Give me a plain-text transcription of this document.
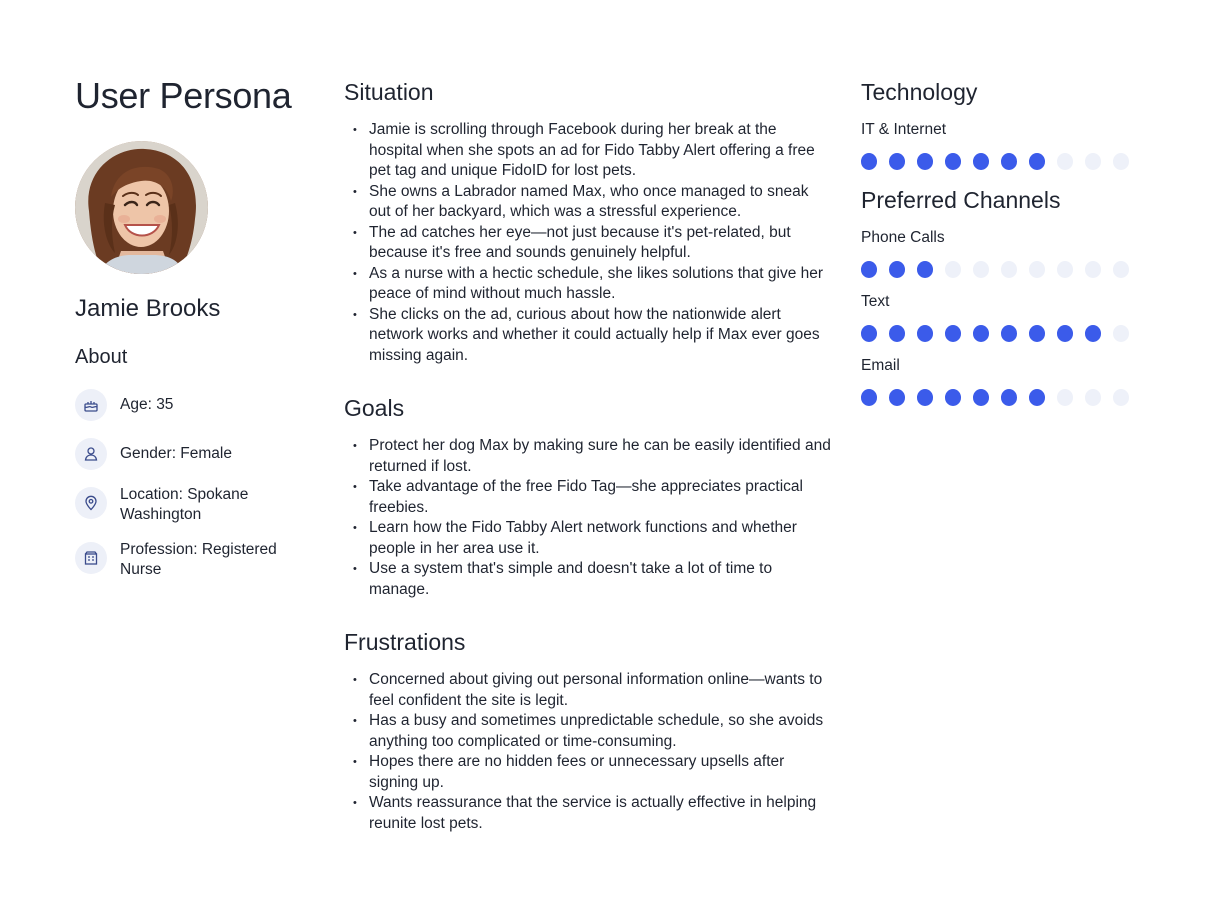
User Persona
Jamie Brooks
About
Age: 35
Gender: Female
Location: Spokane Washington
Profession: Registered Nurse
Situation
• Jamie is scrolling through Facebook during her break at the hospital when she spots an ad for Fido Tabby Alert offering a free pet tag and unique FidoID for lost pets.
• She owns a Labrador named Max, who once managed to sneak out of her backyard, which was a stressful experience.
• The ad catches her eye—not just because it's pet-related, but because it's free and sounds genuinely helpful.
• As a nurse with a hectic schedule, she likes solutions that give her peace of mind without much hassle.
• She clicks on the ad, curious about how the nationwide alert network works and whether it could actually help if Max ever goes missing again.
Goals
• Protect her dog Max by making sure he can be easily identified and returned if lost.
• Take advantage of the free Fido Tag—she appreciates practical freebies.
• Learn how the Fido Tabby Alert network functions and whether people in her area use it.
• Use a system that's simple and doesn't take a lot of time to manage.
Frustrations
• Concerned about giving out personal information online—wants to feel confident the site is legit.
• Has a busy and sometimes unpredictable schedule, so she avoids anything too complicated or time-consuming.
• Hopes there are no hidden fees or unnecessary upsells after signing up.
• Wants reassurance that the service is actually effective in helping reunite lost pets.
Technology

IT & Internet

Preferred Channels

Phone Calls

Text

Email
